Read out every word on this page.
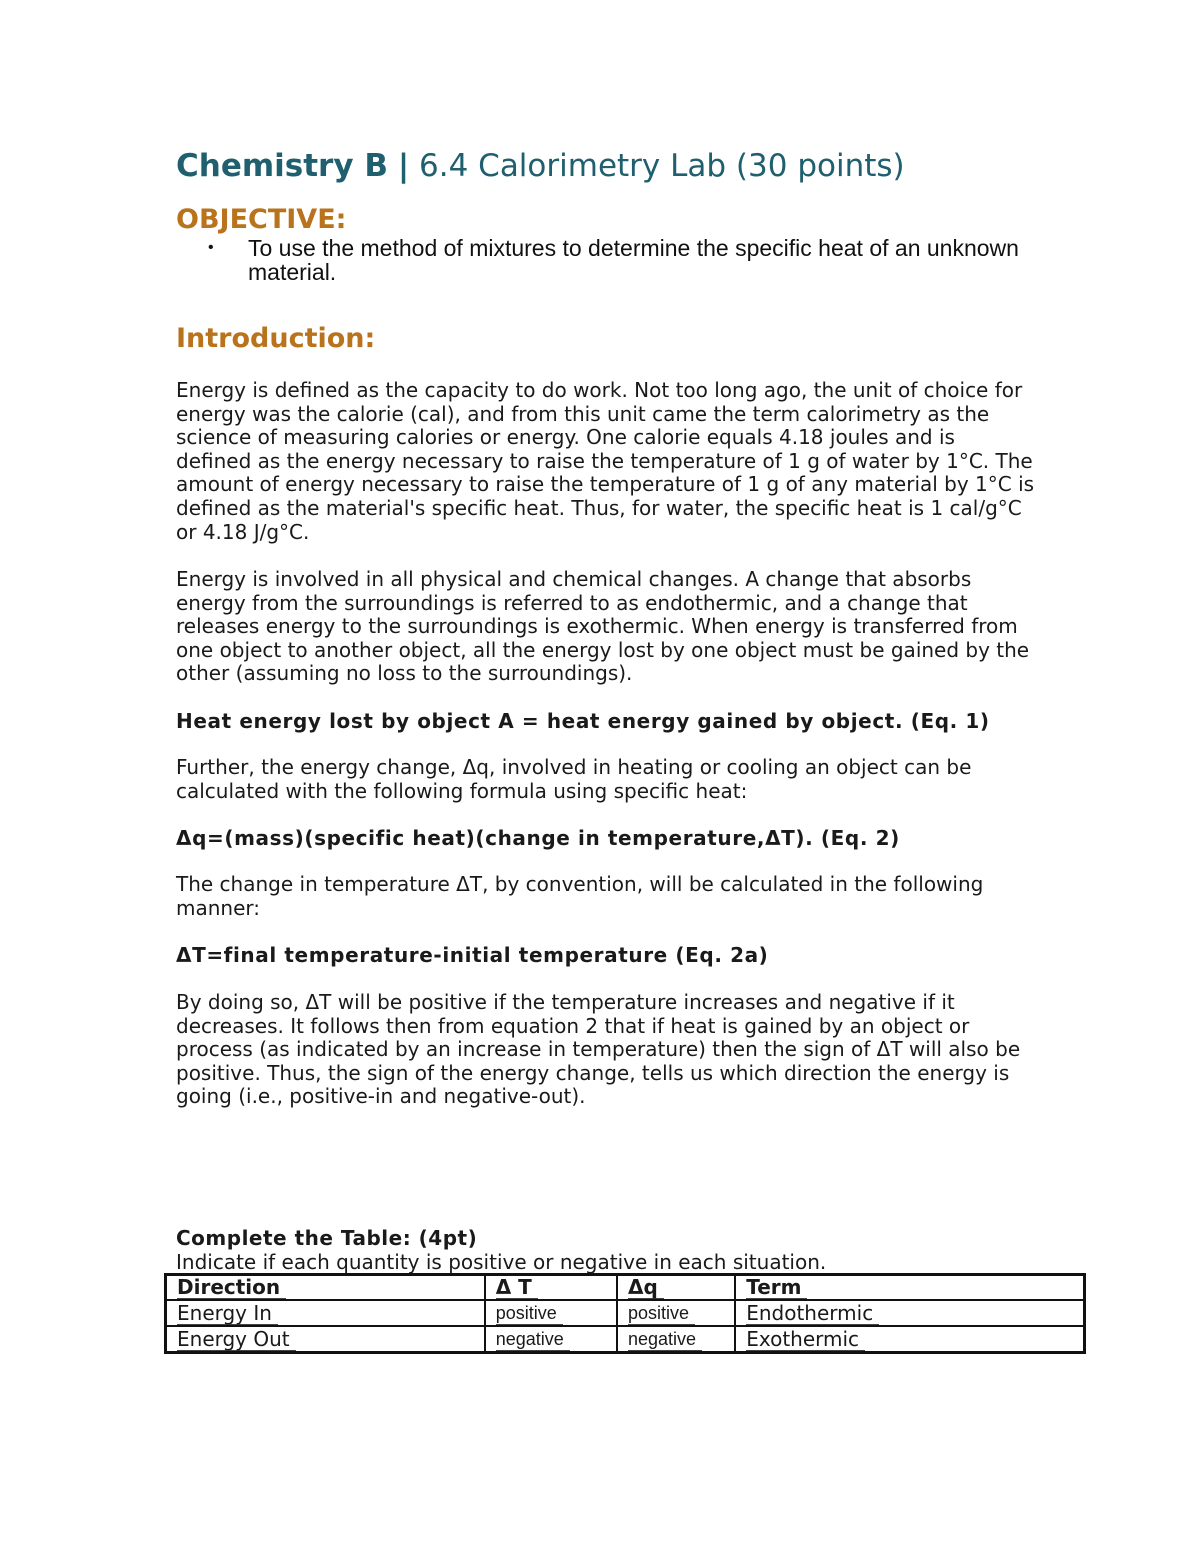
Chemistry B | 6.4 Calorimetry Lab (30 points)
OBJECTIVE:
• To use the method of mixtures to determine the specific heat of an unknown material.
Introduction:

Energy is defined as the capacity to do work. Not too long ago, the unit of choice for energy was the calorie (cal), and from this unit came the term calorimetry as the science of measuring calories or energy. One calorie equals 4.18 joules and is defined as the energy necessary to raise the temperature of 1 g of water by 1°C. The amount of energy necessary to raise the temperature of 1 g of any material by 1°C is defined as the material's specific heat. Thus, for water, the specific heat is 1 cal/g°C or 4.18 J/g°C.

Energy is involved in all physical and chemical changes. A change that absorbs energy from the surroundings is referred to as endothermic, and a change that releases energy to the surroundings is exothermic. When energy is transferred from one object to another object, all the energy lost by one object must be gained by the other (assuming no loss to the surroundings).

Heat energy lost by object A = heat energy gained by object. (Eq. 1)

Further, the energy change, Δq, involved in heating or cooling an object can be calculated with the following formula using specific heat:

Δq=(mass)(specific heat)(change in temperature,ΔT). (Eq. 2)

The change in temperature ΔT, by convention, will be calculated in the following manner:

ΔT=final temperature-initial temperature (Eq. 2a)

By doing so, ΔT will be positive if the temperature increases and negative if it decreases. It follows then from equation 2 that if heat is gained by an object or process (as indicated by an increase in temperature) then the sign of ΔT will also be positive. Thus, the sign of the energy change, tells us which direction the energy is going (i.e., positive-in and negative-out).

Complete the Table: (4pt)
Indicate if each quantity is positive or negative in each situation.
Direction	Δ T	Δq	Term
Energy In	positive	positive	Endothermic
Energy Out	negative	negative	Exothermic
